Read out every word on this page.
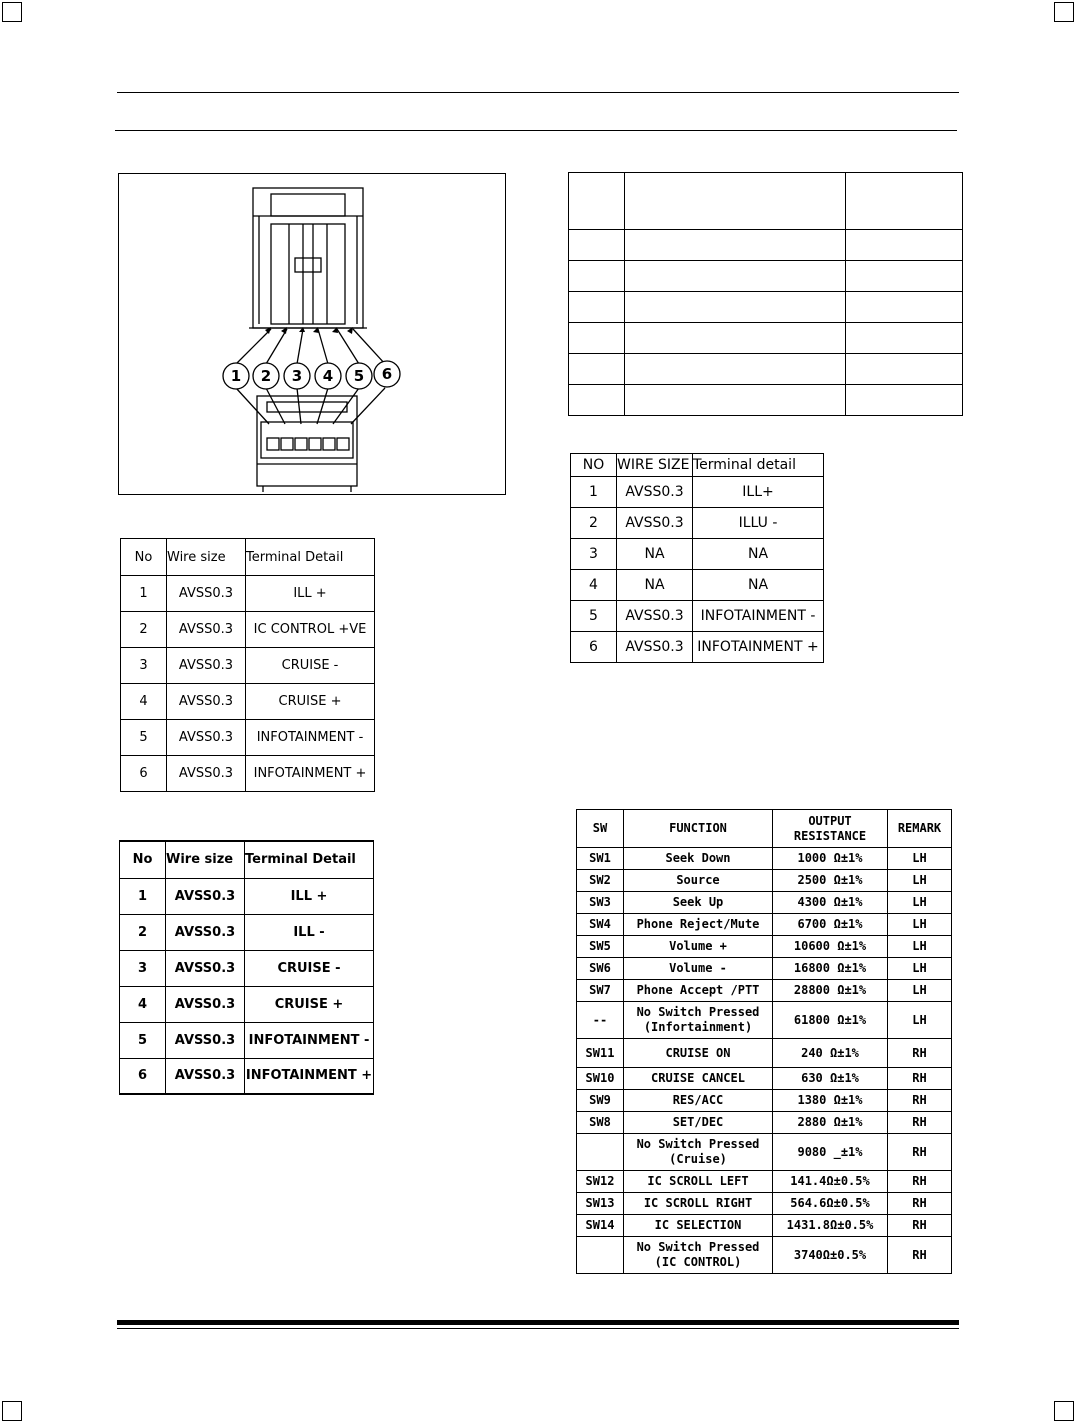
1 2 3 4 5 6

No	Wire size	Terminal Detail
1	AVSS0.3	ILL +
2	AVSS0.3	IC CONTROL +VE
3	AVSS0.3	CRUISE -
4	AVSS0.3	CRUISE +
5	AVSS0.3	INFOTAINMENT -
6	AVSS0.3	INFOTAINMENT +
No	Wire size	Terminal Detail
1	AVSS0.3	ILL +
2	AVSS0.3	ILL -
3	AVSS0.3	CRUISE -
4	AVSS0.3	CRUISE +
5	AVSS0.3	INFOTAINMENT -
6	AVSS0.3	INFOTAINMENT +
NO	WIRE SIZE	Terminal detail
1	AVSS0.3	ILL+
2	AVSS0.3	ILLU -
3	NA	NA
4	NA	NA
5	AVSS0.3	INFOTAINMENT -
6	AVSS0.3	INFOTAINMENT +
SW	FUNCTION	OUTPUT RESISTANCE	REMARK
SW1	Seek Down	1000 Ω±1%	LH
SW2	Source	2500 Ω±1%	LH
SW3	Seek Up	4300 Ω±1%	LH
SW4	Phone Reject/Mute	6700 Ω±1%	LH
SW5	Volume +	10600 Ω±1%	LH
SW6	Volume -	16800 Ω±1%	LH
SW7	Phone Accept /PTT	28800 Ω±1%	LH
--	No Switch Pressed (Infortainment)	61800 Ω±1%	LH
SW11	CRUISE ON	240 Ω±1%	RH
SW10	CRUISE CANCEL	630 Ω±1%	RH
SW9	RES/ACC	1380 Ω±1%	RH
SW8	SET/DEC	2880 Ω±1%	RH
	No Switch Pressed (Cruise)	9080 _±1%	RH
SW12	IC SCROLL LEFT	141.4Ω±0.5%	RH
SW13	IC SCROLL RIGHT	564.6Ω±0.5%	RH
SW14	IC SELECTION	1431.8Ω±0.5%	RH
	No Switch Pressed (IC CONTROL)	3740Ω±0.5%	RH
